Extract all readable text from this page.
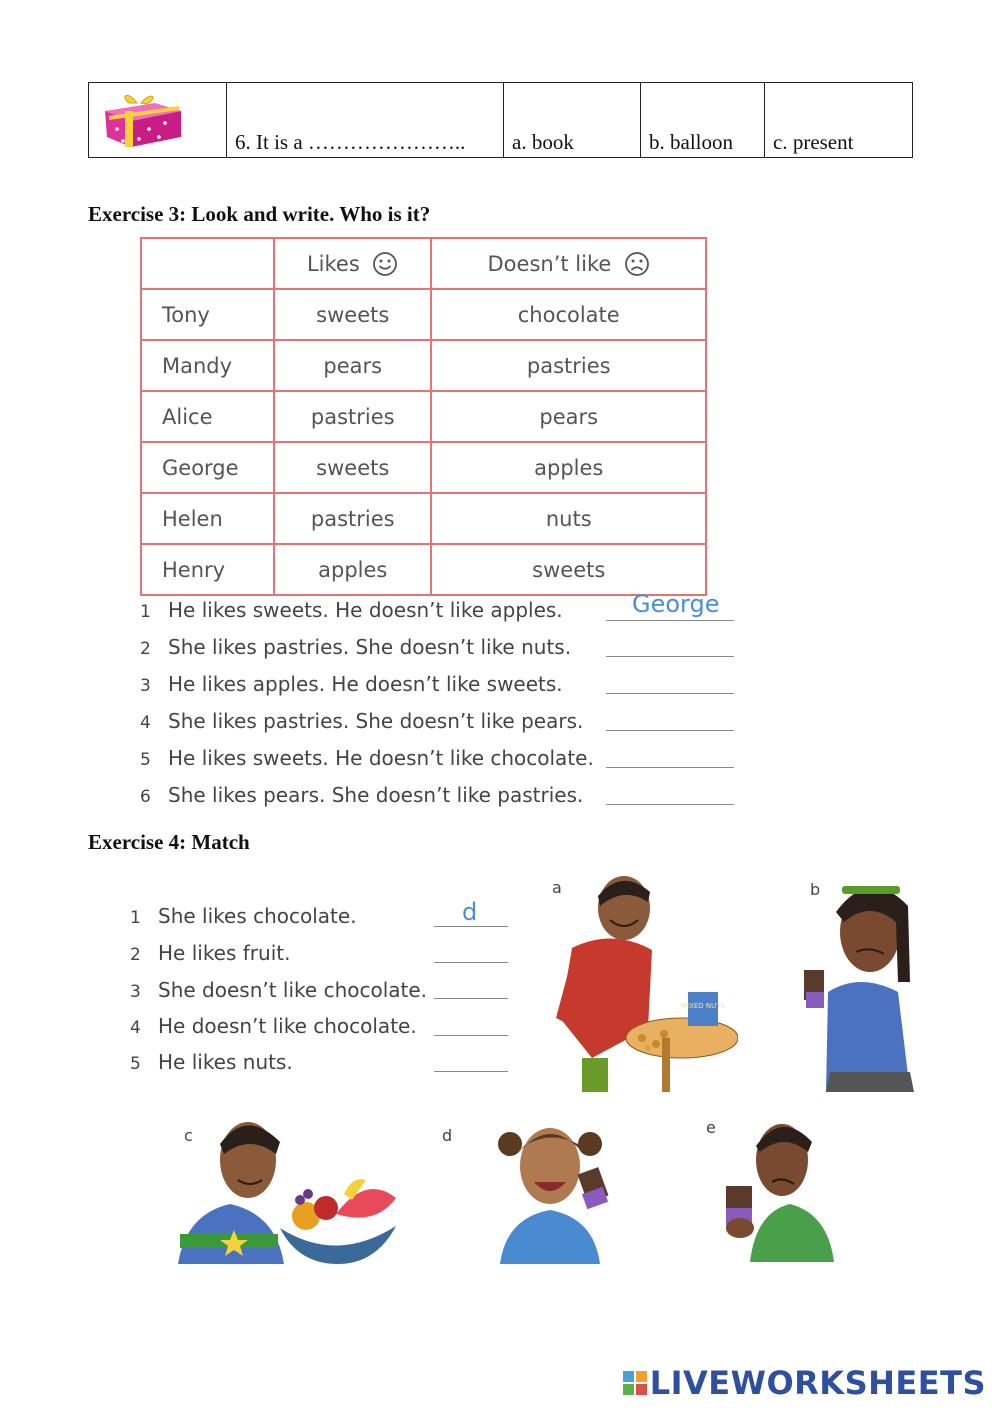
	6. It is a …………………..	a. book	b. balloon	c. present
Exercise 3: Look and write. Who is it?
	Likes	Doesn’t like
Tony	sweets	chocolate
Mandy	pears	pastries
Alice	pastries	pears
George	sweets	apples
Helen	pastries	nuts
Henry	apples	sweets
1 He likes sweets. He doesn’t like apples.	George
2 She likes pastries. She doesn’t like nuts.
3 He likes apples. He doesn’t like sweets.
4 She likes pastries. She doesn’t like pears.
5 He likes sweets. He doesn’t like chocolate.
6 She likes pears. She doesn’t like pastries.
Exercise 4: Match
1 She likes chocolate.	d
2 He likes fruit.
3 She doesn’t like chocolate.
4 He doesn’t like chocolate.
5 He likes nuts.
a
MIXED NUTS
b
c	d	e
LIVEWORKSHEETS
